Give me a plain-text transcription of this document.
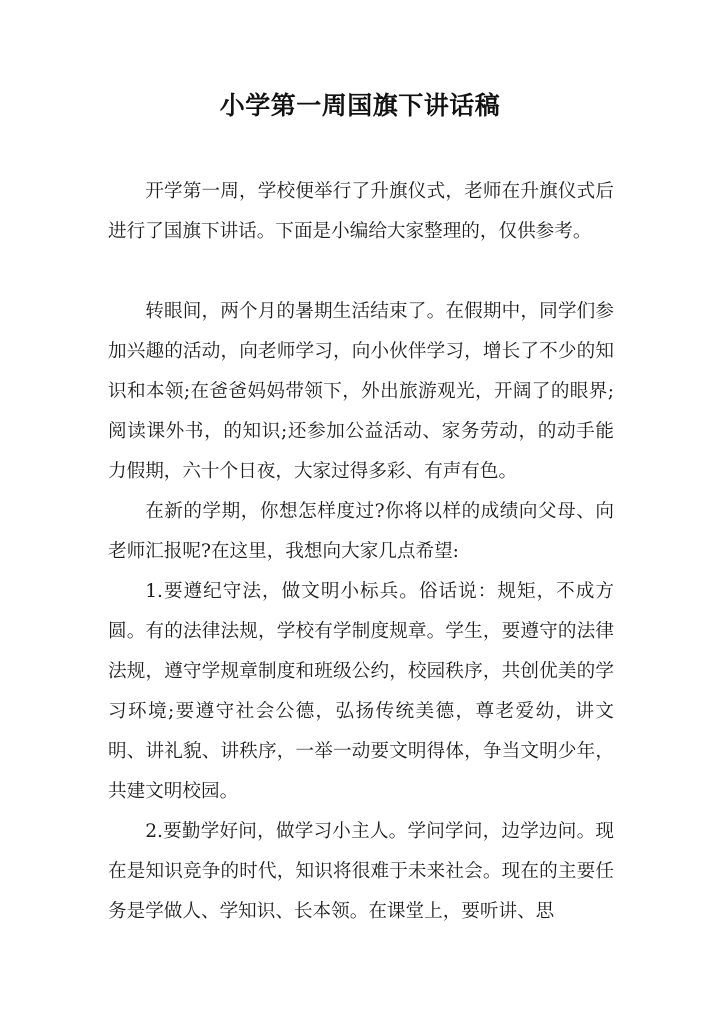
小学第一周国旗下讲话稿

开学第一周，学校便举行了升旗仪式，老师在升旗仪式后进行了国旗下讲话。下面是小编给大家整理的，仅供参考。

转眼间，两个月的暑期生活结束了。在假期中，同学们参加兴趣的活动，向老师学习，向小伙伴学习，增长了不少的知识和本领;在爸爸妈妈带领下，外出旅游观光，开阔了的眼界;阅读课外书，的知识;还参加公益活动、家务劳动，的动手能力假期，六十个日夜，大家过得多彩、有声有色。

在新的学期，你想怎样度过?你将以样的成绩向父母、向老师汇报呢?在这里，我想向大家几点希望:

1.要遵纪守法，做文明小标兵。俗话说：规矩，不成方圆。有的法律法规，学校有学制度规章。学生，要遵守的法律法规，遵守学规章制度和班级公约，校园秩序，共创优美的学习环境;要遵守社会公德，弘扬传统美德，尊老爱幼，讲文明、讲礼貌、讲秩序，一举一动要文明得体，争当文明少年，共建文明校园。

2.要勤学好问，做学习小主人。学问学问，边学边问。现在是知识竞争的时代，知识将很难于未来社会。现在的主要任务是学做人、学知识、长本领。在课堂上，要听讲、思
